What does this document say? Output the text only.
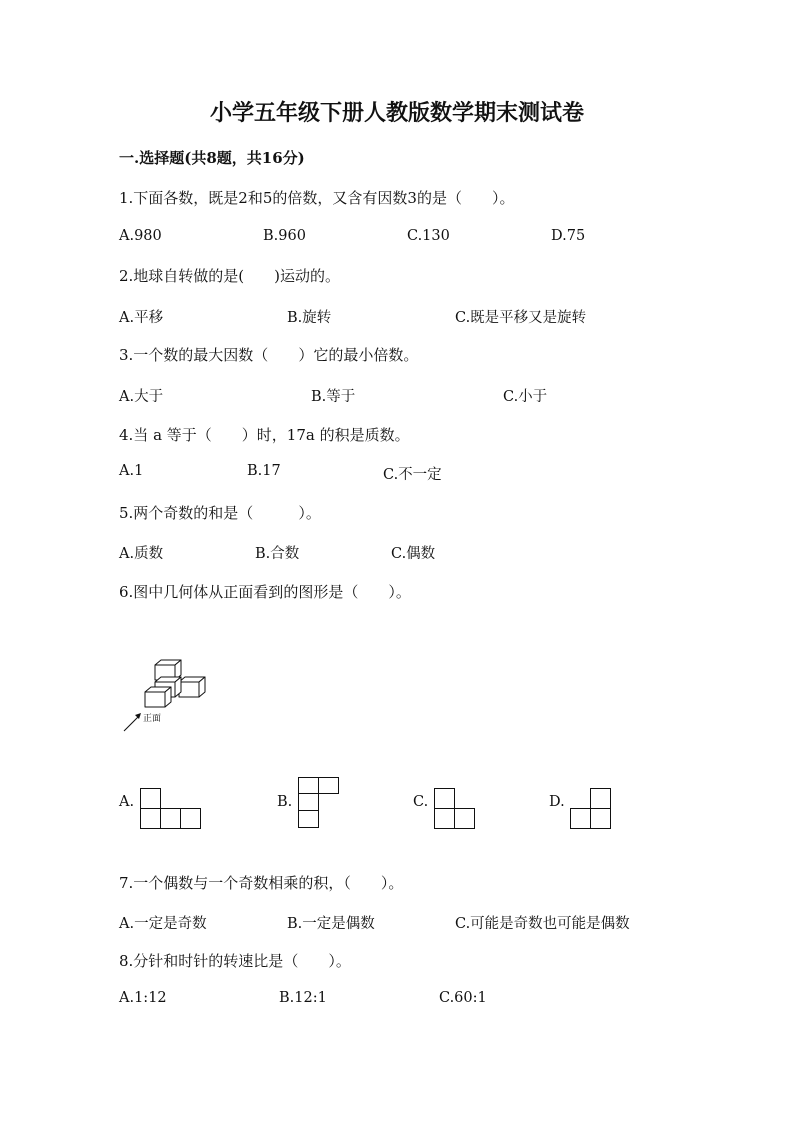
小学五年级下册人教版数学期末测试卷
一.选择题(共8题，共16分)
1.下面各数，既是2和5的倍数，又含有因数3的是（　　）。
A.980	B.960	C.130	D.75
2.地球自转做的是(　　)运动的。
A.平移	B.旋转	C.既是平移又是旋转
3.一个数的最大因数（　　）它的最小倍数。
A.大于	B.等于	C.小于
4.当 a 等于（　　）时，17a 的积是质数。
A.1	B.17	C.不一定
5.两个奇数的和是（　　　）。
A.质数	B.合数	C.偶数
6.图中几何体从正面看到的图形是（　　）。
正面
A.	B.	C.	D.
7.一个偶数与一个奇数相乘的积，（　　）。
A.一定是奇数	B.一定是偶数	C.可能是奇数也可能是偶数
8.分针和时针的转速比是（　　）。
A.1:12	B.12:1	C.60:1
